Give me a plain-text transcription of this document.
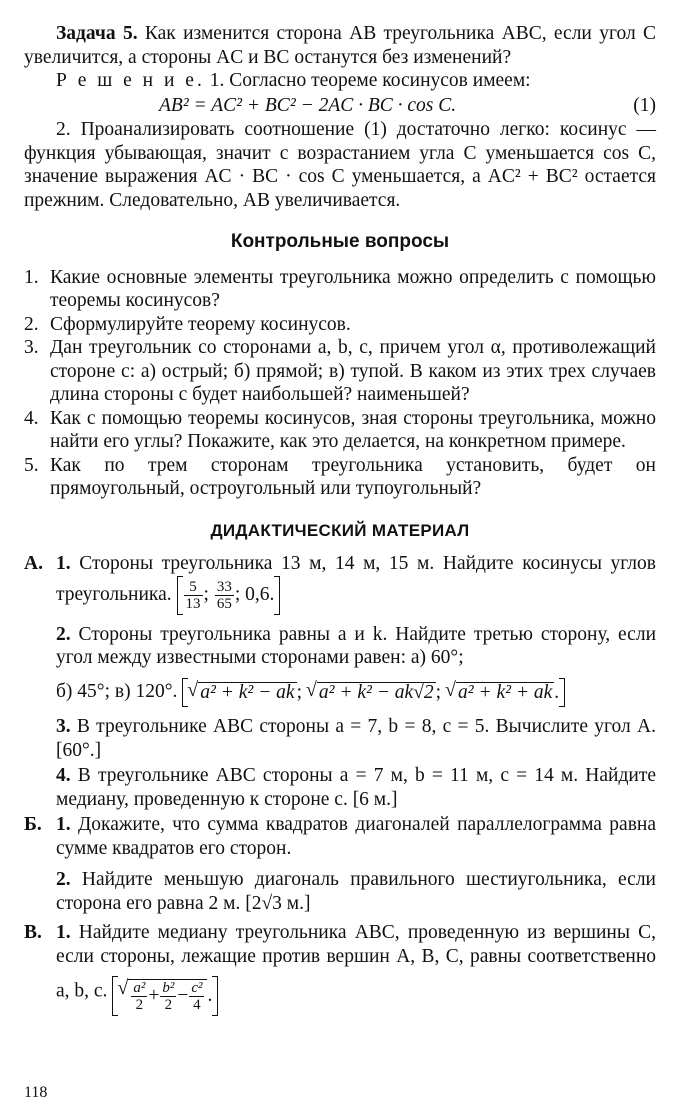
Задача 5. Как изменится сторона AB треугольника ABC, если угол C увеличится, а стороны AC и BC останутся без изменений?

Р е ш е н и е. 1. Согласно теореме косинусов имеем:

AB² = AC² + BC² − 2AC · BC · cos C.	(1)

2. Проанализировать соотношение (1) достаточно легко: косинус — функция убывающая, значит с возрастанием угла C уменьшается cos C, значение выражения AC · BC · cos C уменьшается, а AC² + BC² остается прежним. Следовательно, AB увеличивается.

Контрольные вопросы
1. Какие основные элементы треугольника можно определить с помощью теоремы косинусов?
2. Сформулируйте теорему косинусов.
3. Дан треугольник со сторонами a, b, c, причем угол α, противолежащий стороне c: а) острый; б) прямой; в) тупой. В каком из этих трех случаев длина стороны c будет наибольшей? наименьшей?
4. Как с помощью теоремы косинусов, зная стороны треугольника, можно найти его углы? Покажите, как это делается, на конкретном примере.
5. Как по трем сторонам треугольника установить, будет он прямоугольный, остроугольный или тупоугольный?
ДИДАКТИЧЕСКИЙ МАТЕРИАЛ
А. 1. Стороны треугольника 13 м, 14 м, 15 м. Найдите косинусы углов треугольника. $\frac{5}{13}$ ; $\frac{33}{65}$ ; 0,6 .

2. Стороны треугольника равны a и k. Найдите третью сторону, если угол между известными сторонами равен: а) 60°;

б) 45°; в) 120°. √ a² + k² − ak ; √ a² + k² − ak√2 ; √ a² + k² + ak .

3. В треугольнике ABC стороны a = 7, b = 8, c = 5. Вычислите угол A. [60°.]

4. В треугольнике ABC стороны a = 7 м, b = 11 м, c = 14 м. Найдите медиану, проведенную к стороне c. [6 м.]

Б. 1. Докажите, что сумма квадратов диагоналей параллелограмма равна сумме квадратов его сторон.

2. Найдите меньшую диагональ правильного шестиугольника, если сторона его равна 2 м. [2√3 м.]

В. 1. Найдите медиану треугольника ABC, проведенную из вершины C, если стороны, лежащие против вершин A, B, C, равны соответственно a, b, c. √ $\frac{\text{a²}}{2} + \frac{\text{b²}}{2} - \frac{\text{c²}}{4}$ .

118
